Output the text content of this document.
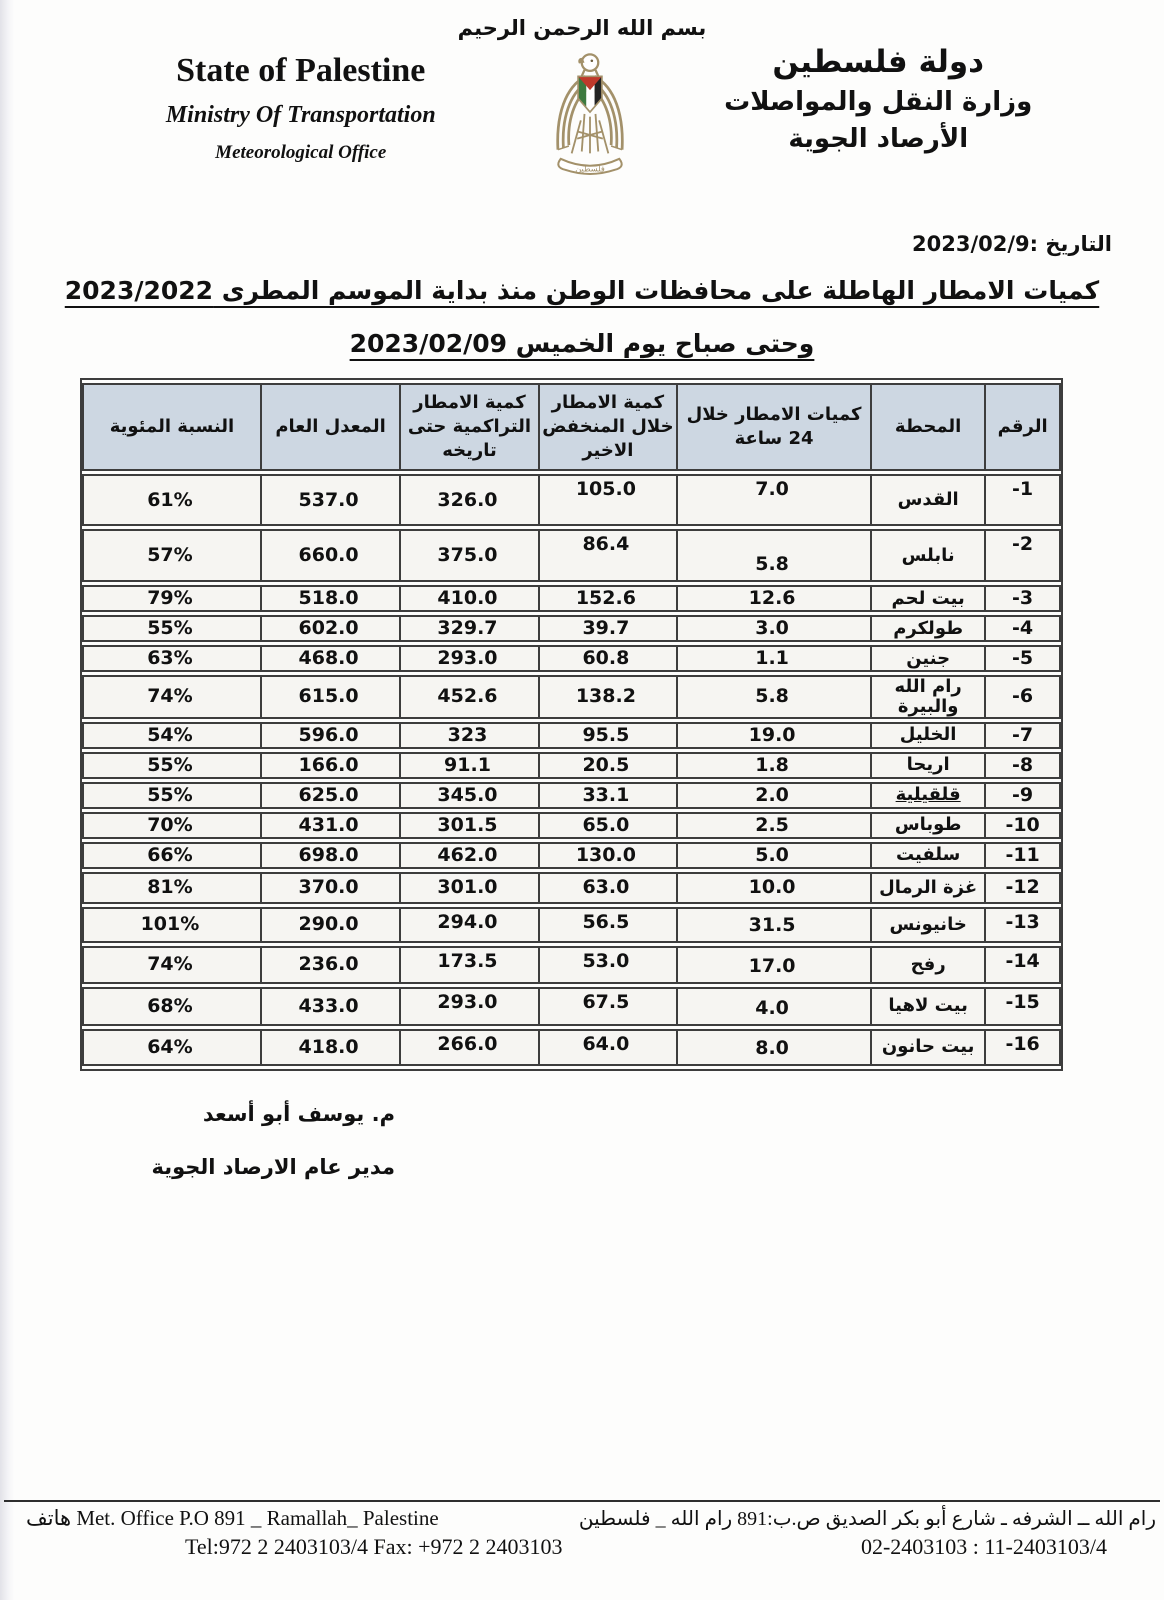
بسم الله الرحمن الرحيم
State of Palestine
Ministry Of Transportation
Meteorological Office
فلسطين
دولة فلسطين
وزارة النقل والمواصلات
الأرصاد الجوية
التاريخ :2023/02/9
كميات الامطار الهاطلة على محافظات الوطن منذ بداية الموسم المطرى 2023/2022
وحتى صباح يوم الخميس 2023/02/09
الرقم	المحطة	كميات الامطار خلال 24 ساعة	كمية الامطار خلال المنخفض الاخير	كمية الامطار التراكمية حتى تاريخه	المعدل العام	النسبة المئوية
-1	القدس	7.0	105.0	326.0	537.0	61%
-2	نابلس	5.8	86.4	375.0	660.0	57%
-3	بيت لحم	12.6	152.6	410.0	518.0	79%
-4	طولكرم	3.0	39.7	329.7	602.0	55%
-5	جنين	1.1	60.8	293.0	468.0	63%
-6	رام الله والبيرة	5.8	138.2	452.6	615.0	74%
-7	الخليل	19.0	95.5	323	596.0	54%
-8	اريحا	1.8	20.5	91.1	166.0	55%
-9	قلقيلية	2.0	33.1	345.0	625.0	55%
-10	طوباس	2.5	65.0	301.5	431.0	70%
-11	سلفيت	5.0	130.0	462.0	698.0	66%
-12	غزة الرمال	10.0	63.0	301.0	370.0	81%
-13	خانيونس	31.5	56.5	294.0	290.0	101%
-14	رفح	17.0	53.0	173.5	236.0	74%
-15	بيت لاهيا	4.0	67.5	293.0	433.0	68%
-16	بيت حانون	8.0	64.0	266.0	418.0	64%
م. يوسف أبو أسعد
مدير عام الارصاد الجوية
هاتف Met. Office P.O 891 _ Ramallah_ Palestine	رام الله ــ الشرفه ـ شارع أبو بكر الصديق ص.ب:891 رام الله _ فلسطين
Tel:972 2 2403103/4 Fax: +972 2 2403103	02-2403103 : 11-2403103/4
